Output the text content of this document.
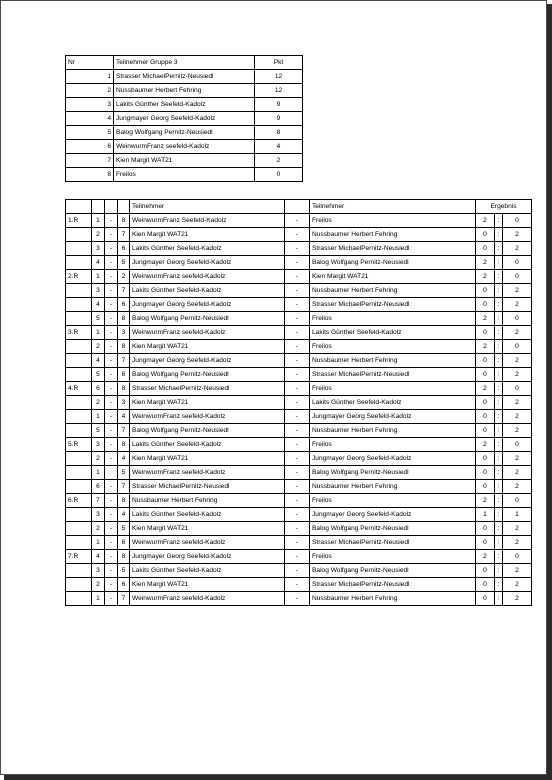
Nr	Teilnehmer Gruppe 3	Pkt
1	Strasser MichaelPernitz-Neusiedl	12
2	Nussbaumer Herbert Fehring	12
3	Lakits Günther Seefeld-Kadolz	9
4	Jungmayer Georg Seefeld-Kadolz	9
5	Balog Wolfgang Pernitz-Neusiedl	8
6	WeinwurmFranz seefeld-Kadolz	4
7	Kien Margit WAT21	2
8	Freilos	0
				Teilnehmer		Teilnehmer	Ergebnis		
1.R	1	-	8	WeinwurmFranz Seefeld-Kadolz	-	Freilos	2	:	0
	2	-	7	Kien Margit WAT21	-	Nussbaumer Herbert Fehring	0	:	2
	3	-	6	Lakits Günther Seefeld-Kadolz	-	Strasser MichaelPernitz-Neusiedl	0	:	2
	4	-	5	Jungmayer Georg Seefeld-Kadolz	-	Balog Wolfgang Pernitz-Neusiedl	2	:	0
2.R	1	-	2	WeinwurmFranz seefeld-Kadolz	-	Kien Margit WAT21	2	:	0
	3	-	7	Lakits Günther Seefeld-Kadolz	-	Nussbaumer Herbert Fehring	0	:	2
	4	-	6	Jungmayer Georg Seefeld-Kadolz	-	Strasser MichaelPernitz-Neusiedl	0	:	2
	5	-	8	Balog Wolfgang Pernitz-Neusiedl	-	Freilos	2	:	0
3.R	1	-	3	WeinwurmFranz seefeld-Kadolz	-	Lakits Günther Seefeld-Kadolz	0	:	2
	2	-	8	Kien Margit WAT21	-	Freilos	2	:	0
	4	-	7	Jungmayer Georg Seefeld-Kadolz	-	Nussbaumer Herbert Fehring	0	:	2
	5	-	6	Balog Wolfgang Pernitz-Neusiedl	-	Strasser MichaelPernitz-Neusiedl	0	:	2
4.R	6	-	8	Strasser MichaelPernitz-Neusiedl	-	Freilos	2	:	0
	2	-	3	Kien Margit WAT21	-	Lakits Günther Seefeld-Kadolz	0	:	2
	1	-	4	WeinwurmFranz seefeld-Kadolz	-	Jungmayer Georg Seefeld-Kadolz	0	:	2
	5	-	7	Balog Wolfgang Pernitz-Neusiedl	-	Nussbaumer Herbert Fehring	0	:	2
5.R	3	-	8	Lakits Günther Seefeld-Kadolz	-	Freilos	2	:	0
	2	-	4	Kien Margit WAT21	-	Jungmayer Georg Seefeld-Kadolz	0	:	2
	1		5	WeinwurmFranz seefeld-Kadolz	-	Balog Wolfgang Pernitz-Neusiedl	0	:	2
	6	-	7	Strasser MichaelPernitz-Neusiedl	-	Nussbaumer Herbert Fehring	0	:	2
6.R	7	-	8	Nussbaumer Herbert Fehring	-	Freilos	2	:	0
	3	-	4	Lakits Günther Seefeld-Kadolz	-	Jungmayer Georg Seefeld-Kadolz	1	:	1
	2	-	5	Kien Margit WAT21	-	Balog Wolfgang Pernitz-Neusiedl	0	:	2
	1	-	6	WeinwurmFranz seefeld-Kadolz	-	Strasser MichaelPernitz-Neusiedl	0	:	2
7.R	4	-	8	Jungmayer Georg Seefeld-Kadolz	-	Freilos	2	:	0
	3	-	5	Lakits Günther Seefeld-Kadolz	-	Balog Wolfgang Pernitz-Neusiedl	0	:	2
	2	-	6	Kien Margit WAT21	-	Strasser MichaelPernitz-Neusiedl	0	:	2
	1	-	7	WeinwurmFranz seefeld-Kadolz	-	Nussbaumer Herbert Fehring	0	:	2
